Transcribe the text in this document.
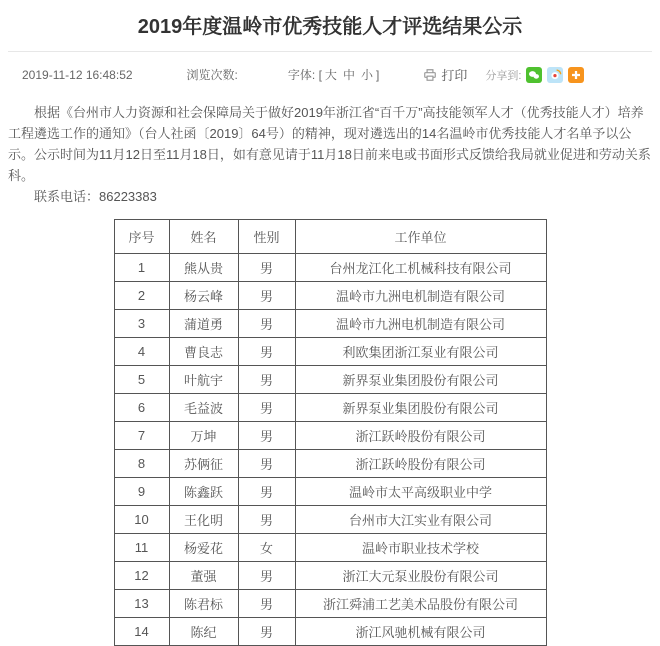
2019年度温岭市优秀技能人才评选结果公示
2019-11-12 16:48:52	浏览次数:	字体: [ 大 中 小 ]	打印 分享到:

根据《台州市人力资源和社会保障局关于做好2019年浙江省“百千万”高技能领军人才（优秀技能人才）培养工程遴选工作的通知》（台人社函〔2019〕64号）的精神，现对遴选出的14名温岭市优秀技能人才名单予以公示。公示时间为11月12日至11月18日，如有意见请于11月18日前来电或书面形式反馈给我局就业促进和劳动关系科。

联系电话：86223383

序号	姓名	性别	工作单位
1	熊从贵	男	台州龙江化工机械科技有限公司
2	杨云峰	男	温岭市九洲电机制造有限公司
3	蒲道勇	男	温岭市九洲电机制造有限公司
4	曹良志	男	利欧集团浙江泵业有限公司
5	叶航宇	男	新界泵业集团股份有限公司
6	毛益波	男	新界泵业集团股份有限公司
7	万坤	男	浙江跃岭股份有限公司
8	苏俩征	男	浙江跃岭股份有限公司
9	陈鑫跃	男	温岭市太平高级职业中学
10	王化明	男	台州市大江实业有限公司
11	杨爱花	女	温岭市职业技术学校
12	董强	男	浙江大元泵业股份有限公司
13	陈君标	男	浙江舜浦工艺美术品股份有限公司
14	陈纪	男	浙江风驰机械有限公司
